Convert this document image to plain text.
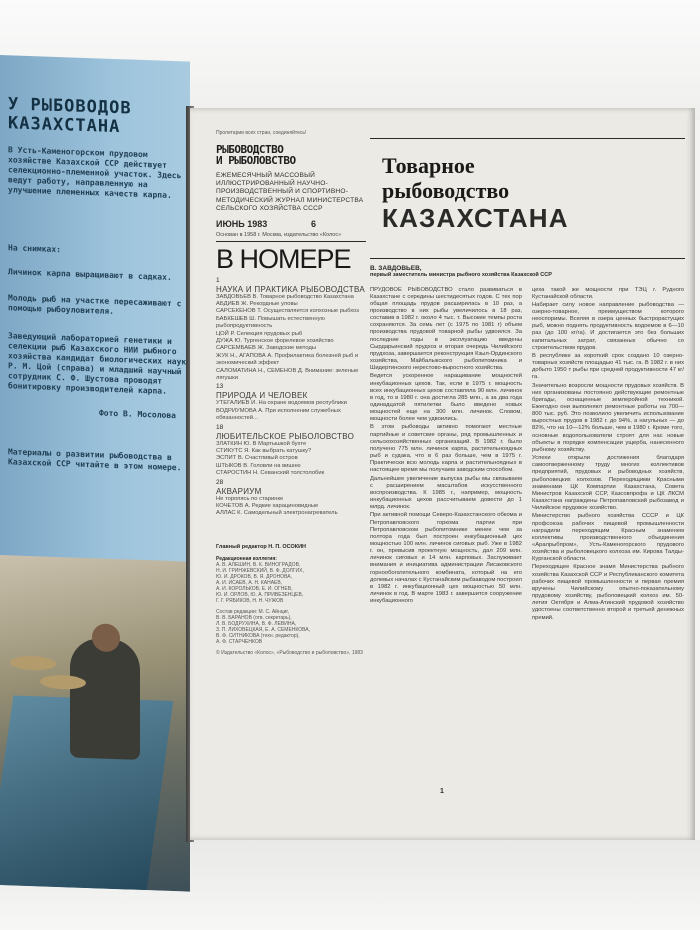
У РЫБОВОДОВ КАЗАХСТАНА
В Усть-Каменогорском прудовом хозяйстве Казахской ССР действует селекционно-племенной участок. Здесь ведут работу, направленную на улучшение племенных качеств карпа.
На снимках:
Личинок карпа выращивают в садках.
Молодь рыб на участке пересаживают с помощью рыбоуловителя.
Заведующий лабораторией генетики и селекции рыб Казахского НИИ рыбного хозяйства кандидат биологических наук Р. М. Цой (справа) и младший научный сотрудник С. Ф. Шустова проводят бонитировку производителей карпа.
Фото В. Мосолова
Материалы о развитии рыбоводства в Казахской ССР читайте в этом номере.
Пролетарии всех стран, соединяйтесь!
РЫБОВОДСТВО
И РЫБОЛОВСТВО
ЕЖЕМЕСЯЧНЫЙ МАССОВЫЙ ИЛЛЮСТРИРОВАННЫЙ НАУЧНО-ПРОИЗВОДСТВЕННЫЙ И СПОРТИВНО-МЕТОДИЧЕСКИЙ ЖУРНАЛ МИНИСТЕРСТВА СЕЛЬСКОГО ХОЗЯЙСТВА СССР
ИЮНЬ 1983	6
Основан в 1958 г. Москва, издательство «Колос»
В НОМЕРЕ
1
НАУКА И ПРАКТИКА РЫБОВОДСТВА
ЗАВДОВЬЕВ В. Товарное рыбоводство Казахстана
АБДИЕВ Ж. Рекордные уловы
САРСЕКЕНОВ Т. Осуществляется колхозные рыбхоз
БАБКЕШЕВ Ш. Повышать естественную рыбопродуктивность
ЦОЙ Р. Селекция прудовых рыб
ДУЖА Ю. Тургенское форелевое хозяйство
САРСЕМБАЕВ Ж. Заводские методы
ЖУК Н., АГАПОВА А. Профилактика болезней рыб и экономический эффект
САЛОМАТИНА Н., СЕМЕНОВ Д. Внимание: зеленые лягушки
13
ПРИРОДА И ЧЕЛОВЕК
УТЕГАЛИЕВ И. На охране водоемов республики
ВОДРИУМОВА А. При исполнении служебных обязанностей...
18
ЛЮБИТЕЛЬСКОЕ РЫБОЛОВСТВО
ЗЛАТКИН Ю. В Мартышкой бухте
СТИКУТС Я. Как выбрать катушку?
ЭСПИТ В. Счастливый остров
ШТЫКОВ В. Головли на вишню
СТАРОСТИН Н. Севанский толстолобик
28
АКВАРИУМ
Не торопясь по старинке
КОЧЕТОВ А. Редкие харациновидные
АЛЛАС К. Самодельный электронагреватель
Главный редактор Н. П. ОСОКИН
Редакционная коллегия:
А. В. АЛЕШИН, В. К. ВИНОГРАДОВ,
Н. И. ГРИНЖЕВСКИЙ, В. Ф. ДОЛГИХ,
Ю. И. ДРОКОВ, В. Я. ДРОНОВА,
А. И. ИСАЕВ, А. Н. КАНАЕВ,
А. И. КОРОЛЬКОВ, Е. И. ОГНЕВ,
Ю. И. ОРЛОВ, Ю. А. ПРИВЕЗЕНЦЕВ,
Г. Г. РЯБИКОВ, Н. Н. ЧУЖОВ
Состав редакции: М. С. Айнциг,
В. В. БАРАНОВ (отв. секретарь),
Л. В. БОДРУХИНА, В. Ф. ЛЕВИНА,
З. П. ЛИХОВЕЦКАЯ, Е. А. СЕМЕНКОВА,
В. Ф. СИТНИКОВА (техн. редактор),
А. Ф. СТАРЧЕНКОВ
© Издательство «Колос», «Рыбоводство и рыболовство», 1983
Товарное
рыбоводство
КАЗАХСТАНА
В. ЗАВДОВЬЕВ,
первый заместитель министра рыбного хозяйства Казахской ССР

ПРУДОВОЕ РЫБОВОДСТВО стало развиваться в Казахстане с середины шестидесятых годов. С тех пор общая площадь прудов расширилась в 10 раз, а производство в них рыбы увеличилось в 18 раз, составив в 1982 г. около 4 тыс. т. Высокие темпы роста сохраняются. За семь лет (с 1975 по 1981 г) объем производства прудовой товарной рыбы удвоился. За последние годы в эксплуатацию введены Сырдарьинский прудхоз и вторая очередь Чилийского прудхоза, завершается реконструкция Кзыл-Ординского хозяйства, Майбалыкского рыбопитомника и Шидертинского нерестово-выростного хозяйства.

Ведется ускоренное наращивание мощностей инкубационных цехов. Так, если в 1975 г. мощность всех инкубационных цехов составляла 90 млн. личинок в год, то в 1980 г. она достигла 285 млн., а за два года одинадцатой пятилетки было введено новых мощностей еще на 300 млн. личинок. Словом, мощности более чем удвоились.

В этом рыбоводы активно помогают местные партийные и советские органы, ряд промышленных и сельскохозяйственных организаций. В 1982 г. было получено 775 млн. личинок карпа, растительноядных рыб и судака, что в 6 раз больше, чем в 1975 г. Практически всю молодь карпа и растительноядных в настоящее время мы получаем заводским способом.

Дальнейшее увеличение выпуска рыбы мы связываем с расширением масштабов искусственного воспроизводства. К 1985 г., например, мощность инкубационных цехов рассчитываем довести до 1 млрд. личинок.

При активной помощи Северо-Казахстанского обкома и Петропавловского горкома партии при Петропавловском рыбопитомнике менее чем за полтора года был построен инкубационный цех мощностью 100 млн. личинок сиговых рыб. Уже в 1982 г. он, превысив проектную мощность, дал 209 млн. личинок сиговых и 14 млн. карповых. Заслуживает внимания и инициатива администрации Лисаковского горнообогатительного комбината, который на его долевых началах с Кустанайским рыбзаводом построил в 1982 г. инкубационный цех мощностью 50 млн. личинок в год. В марте 1983 г. завершится сооружение инкубационного

цеха такой же мощности при ТЭЦ г. Рудного Кустанайской области.

Набирает силу новое направление рыбоводства — озерно-товарное, преимуществом которого неоспоримы. Вселяя в озера ценных быстрорастущих рыб, можно поднять продуктивность водоемов в 6—10 раз (до 100 кг/га). И достигается это без больших капитальных затрат, связанных обычно со строительством прудов.

В республике за короткий срок создано 10 озерно-товарных хозяйств площадью 41 тыс. га. В 1982 г. в них добыто 1950 т рыбы при средней продуктивности 47 кг/га.

Значительно возросли мощности прудовых хозяйств. В них организованы постоянно действующие ремонтные бригады, оснащенные землеройной техникой. Ежегодно они выполняют ремонтные работы на 700—800 тыс. руб. Это позволило увеличить использование выростных прудов в 1982 г. до 94%, а нагульных — до 82%, что на 10—12% больше, чем в 1980 г. Кроме того, основные водопользователи строят для нас новые объекты в порядке компенсации ущерба, нанесенного рыбному хозяйству.

Успехи открыли достижения благодаря самоотверженному труду многих коллективов предприятий, прудовых и рыбоводных хозяйств, рыболовецких колхозов. Переходящими Красными знаменами ЦК Компартии Казахстана, Совета Министров Казахской ССР, Казсовпрофа и ЦК ЛКСМ Казахстана награждены Петропавловский рыбозавод и Чилийское прудовое хозяйство.

Министерство рыбного хозяйства СССР и ЦК профсоюза рабочих пищевой промышленности наградили переходящим Красным знаменем коллективы производственного объединения «Аралрыбпром», Усть-Каменогорского прудового хозяйства и рыболовецкого колхоза им. Кирова Талды-Курганской области.

Переходящее Красное знамя Министерства рыбного хозяйства Казахской ССР и Республиканского комитета рабочих пищевой промышленности и первая премия вручены Чилийскому опытно-показательному прудовому хозяйству, рыболовецкий колхоз им. 50-летия Октября и Алма-Атинский прудовой хозяйство удостоены соответственно второй и третьей денежных премий.

1
